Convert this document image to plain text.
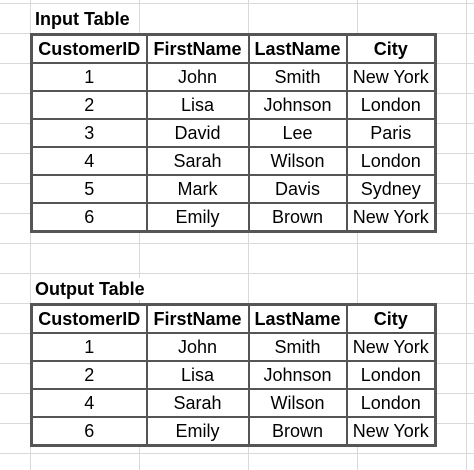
Input Table
CustomerID	FirstName	LastName	City
1	John	Smith	New York
2	Lisa	Johnson	London
3	David	Lee	Paris
4	Sarah	Wilson	London
5	Mark	Davis	Sydney
6	Emily	Brown	New York
Output Table
CustomerID	FirstName	LastName	City
1	John	Smith	New York
2	Lisa	Johnson	London
4	Sarah	Wilson	London
6	Emily	Brown	New York
